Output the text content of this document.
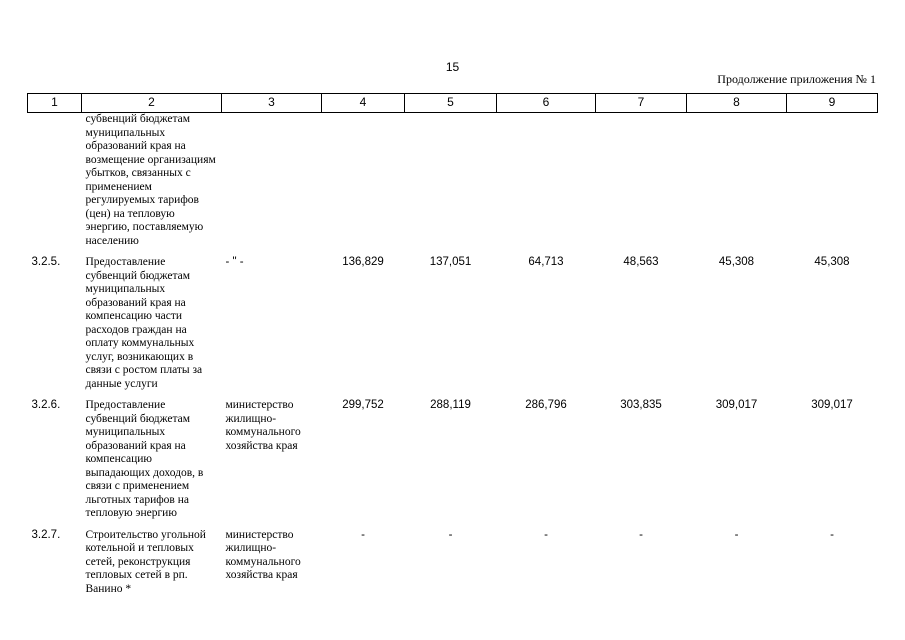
15
Продолжение приложения № 1
1	2	3	4	5	6	7	8	9
	субвенций бюджетам муниципальных образований края на возмещение организациям убытков, связанных с применением регулируемых тарифов (цен) на тепловую энергию, поставляемую населению							
3.2.5.	Предоставление субвенций бюджетам муниципальных образований края на компенсацию части расходов граждан на оплату коммунальных услуг, возникающих в связи с ростом платы за данные услуги	- " -	136,829	137,051	64,713	48,563	45,308	45,308
3.2.6.	Предоставление субвенций бюджетам муниципальных образований края на компенсацию выпадающих доходов, в связи с применением льготных тарифов на тепловую энергию	министерство жилищно-коммунального хозяйства края	299,752	288,119	286,796	303,835	309,017	309,017
3.2.7.	Строительство угольной котельной и тепловых сетей, реконструкция тепловых сетей в рп. Ванино *	министерство жилищно-коммунального хозяйства края	-	-	-	-	-	-
